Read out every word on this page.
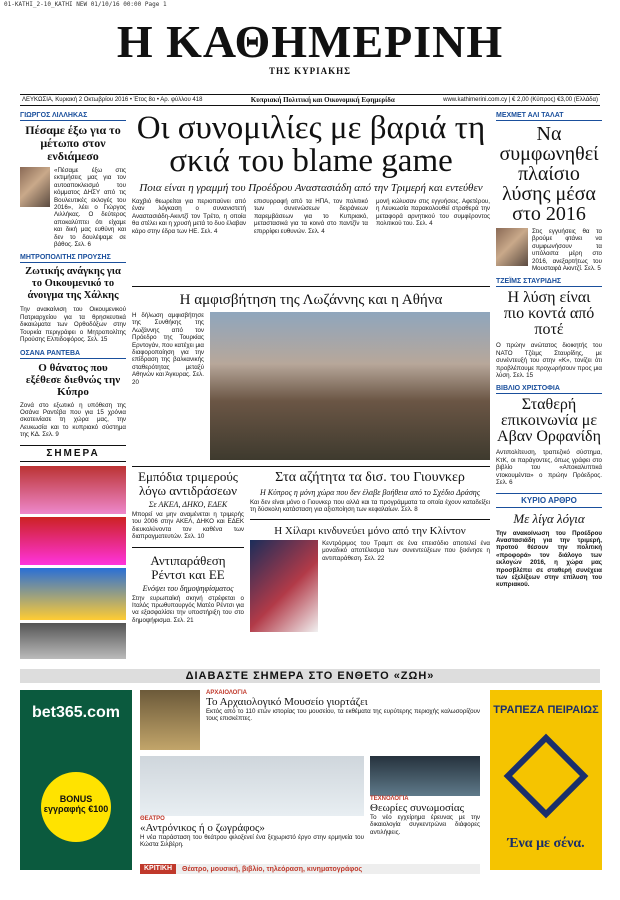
01-KATHI_2-10_KATHI NEW 01/10/16 00:00 Page 1
Η ΚΑΘΗΜΕΡΙΝΗ
ΤΗΣ ΚΥΡΙΑΚΗΣ
ΛΕΥΚΩΣΙΑ, Κυριακή 2 Οκτωβρίου 2016 • Έτος 8ο • Αρ. φύλλου 418	Κυπριακή Πολιτική και Οικονομική Εφημερίδα	www.kathimerini.com.cy | € 2,00 (Κύπρος) €3,00 (Ελλάδα)
ΓΙΩΡΓΟΣ ΛΙΛΛΗΚΑΣ
Πέσαμε έξω για το μέτωπο στον ενδιάμεσο
«Πέσαμε έξω στις εκτιμήσεις μας για τον αυτοαποκλεισμό του κόμματος ΔΗΣΥ από τις Βουλευτικές εκλογές του 2016», λέει ο Γιώργος Λιλλήκας. Ο δεύτερος αποκαλύπτει ότι είχαμε και δική μας ευθύνη και δεν το δουλέψαμε σε βάθος. Σελ. 6
ΜΗΤΡΟΠΟΛΙΤΗΣ ΠΡΟΥΣΗΣ
Ζωτικής ανάγκης για το Οικουμενικό το άνοιγμα της Χάλκης
Την ανακαίνιση του Οικουμενικού Πατριαρχείου για τα θρησκευτικά δικαιώματα των Ορθοδόξων στην Τουρκία περιγράφει ο Μητροπολίτης Προύσης Ελπιδοφόρος. Σελ. 15
ΟΣΑΝΑ ΡΑΝΤΕΒΑ
Ο θάνατος που εξέθεσε διεθνώς την Κύπρο
Ζονά στο εξωτικό η υπόθεση της Οσάνα Ραντέβα που για 15 χρόνια σκοτεινίασε τη χώρα μας, την Λευκωσία και το κυπριακό σύστημα της ΚΔ. Σελ. 9
ΣΗΜΕΡΑ
Οι συνομιλίες με βαριά τη σκιά του blame game
Ποια είναι η γραμμή του Προέδρου Αναστασιάδη από την Τριμερή και εντεύθεν
Καχβιό θεωρείται για περιοπαύνει από έναν λόγκαση ο συνανιστετή Αναστασιάδη-Ακιντζί τον Τρέτο, η οποία θα στέλει και η χρυσή μετά το δυο έλαβαν κάρο στην έδρα των ΗΕ. Σελ. 4
επισυρραφή από τα ΗΠΑ, τον πολιτικό των συνενώσεων δειράνεων παρεμβάσεων για το Κυπριακό, μεταστασικά για τα κοινά στο παντζίν τα επιρρίφει ευθυνών. Σελ. 4
μονή κώλυσαν στις εγγυήσεις. Αφετέρου, η Λευκωσία παρακολουθεί στραθερά την μεταφορά αρνητικού του συμφέροντος πολιτικού του. Σελ. 4
Η αμφισβήτηση της Λωζάννης και η Αθήνα
Η δήλωση αμφισβήτησε της Συνθήκης της Λωζάννης από τον Πρόεδρο της Τουρκίας Ερντογάν, που κατέχει μια διαφοροποίηση για την επίδραση της βαλκανικής σταθερότητας μεταξύ Αθηνών και Άγκυρας. Σελ. 20
Εμπόδια τριμερούς λόγω αντιδράσεων
Σε ΑΚΕΛ, ΔΗΚΟ, ΕΔΕΚ
Μπορεί να μην αναμένεται η τριμερής του 2006 στην ΑΚΕΛ, ΔΗΚΟ και ΕΔΕΚ διευκολύνοντα τον καθένα των διαπραγματευτών. Σελ. 10
Αντιπαράθεση Ρέντσι και ΕΕ
Ενόψει του δημοψηφίσματος
Στην ευρωπαϊκή σκηνή στρέφεται ο Ιταλός πρωθυπουργός Ματέο Ρέντσι για να εξασφαλίσει την υποστήριξη του στο δημοψήφισμα. Σελ. 21
Στα αζήτητα τα δισ. του Γιουνκερ
Η Κύπρος η μόνη χώρα που δεν έλαβε βοήθεια από το Σχέδιο Δράσης
Και δεν είναι μόνο ο Γιουνκερ που αλλά και τα προγράμματα τα οποία έχουν καταδείξει τη δύσκολη κατάσταση για αξιοποίηση των κεφαλαίων. Σελ. 8
Η Χίλαρι κινδυνεύει μόνο από την Κλίντον
Κεντρόριμος του Τραμπ σε ένα επεισόδιο αποτελεί ένα μοναδικό αποτέλεσμα των συνεντεύξεων που ξεκίνησε η αντιπαράθεση. Σελ. 22
ΜΕΧΜΕΤ ΑΛΙ ΤΑΛΑΤ
Να συμφωνηθεί πλαίσιο λύσης μέσα στο 2016
Στις εγγυήσεις θα το βρούμε φτάνει να συμφωνήσουν τα υπόλοιπα μέρη στο 2016, ανεξαρτήτως του Μουσταφά Ακιντζί. Σελ. 5
ΤΖΕΪΜΣ ΣΤΑΥΡΙΔΗΣ
Η λύση είναι πιο κοντά από ποτέ
Ο πρώην ανώτατος διοικητής του ΝΑΤΟ Τζέιμς Σταυρίδης, με συνέντευξή του στην «Κ», τονίζει ότι προβλέπουμε προχωρήσουν προς μια λύση. Σελ. 15
ΒΙΒΛΙΟ ΧΡΙΣΤΟΦΙΑ
Σταθερή επικοινωνία με Αβαν Ορφανίδη
Αντιπολίτευση, τραπεζικό σύστημα, ΚτΚ, οι παράγοντες, όπως γράφει στο βιβλίο του «Αποκαλυπτικά ντοκουμέντα» ο πρώην Πρόεδρος. Σελ. 6
ΚΥΡΙΟ ΑΡΘΡΟ
Με λίγα λόγια
Την ανακοίνωση του Προέδρου Αναστασιάδη για την τριμερή, προτού θέσουν την πολιτική «προφορά» τον διάλογο των εκλογών 2016, η χώρα μας προσβλέπει σε σταθερή συνέχεια των εξελίξεων στην επίλυση του κυπριακού.
ΔΙΑΒΑΣΤΕ ΣΗΜΕΡΑ ΣΤΟ ΕΝΘΕΤΟ «ΖΩΗ»
bet365.com
BONUS εγγραφής €100
ΑΡΧΑΙΟΛΟΓΙΑ
Το Αρχαιολογικό Μουσείο γιορτάζει
Εκτός από το 110 ετών ιστορίας του μουσείου, τα εκθέματα της ευρύτερης περιοχής καλωσορίζουν τους επισκέπτες.
ΘΕΑΤΡΟ
«Αντρόνικος ή ο ζωγράφος»
Η νέα παράσταση του θεάτρου φιλοξενεί ένα ξεχωριστό έργο στην ερμηνεία του Κώστα Σιλβέρη.
ΤΕΧΝΟΛΟΓΙΑ
Θεωρίες συνωμοσίας
Το νέο εγχείρημα έρευνας με την δικαιολογία συγκεντρώνει διάφορες αντιλήψεις.
ΚΡΙΤΙΚΗ	Θέατρο, μουσική, βιβλίο, τηλεόραση, κινηματογράφος
ΤΡΑΠΕΖΑ ΠΕΙΡΑΙΩΣ
Ένα με σένα.
